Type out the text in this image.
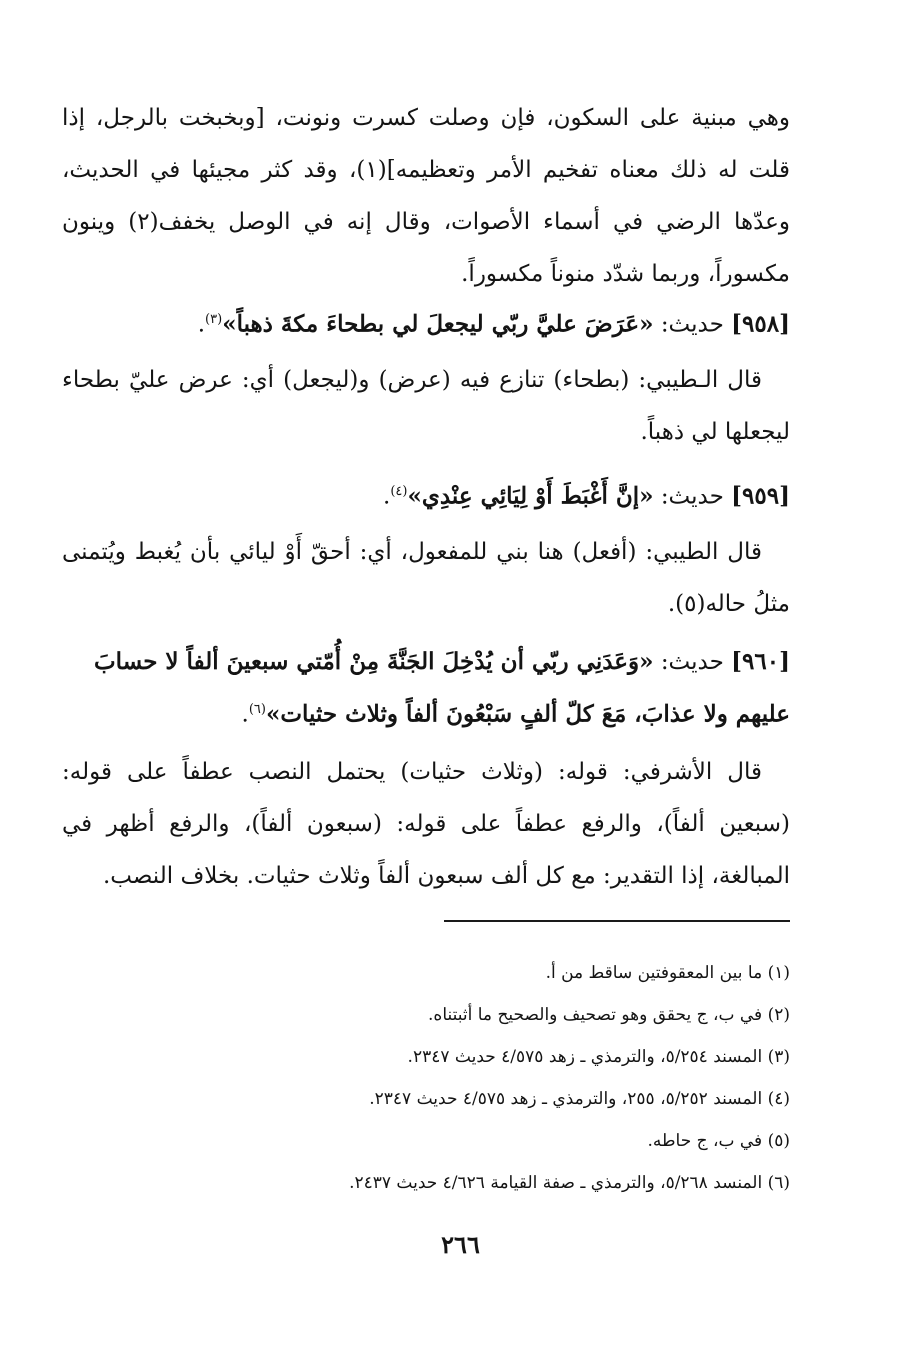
وهي مبنية على السكون، فإن وصلت كسرت ونونت، [وبخبخت بالرجل، إذا قلت له ذلك معناه تفخيم الأمر وتعظيمه](١)، وقد كثر مجيئها في الحديث، وعدّها الرضي في أسماء الأصوات، وقال إنه في الوصل يخفف(٢) وينون مكسوراً، وربما شدّد منوناً مكسوراً.

[٩٥٨] حديث: «عَرَضَ عليَّ ربّي ليجعلَ لي بطحاءَ مكةَ ذهباً»$^{(٣)}$.

قال الـطيبي: (بطحاء) تنازع فيه (عرض) و(ليجعل) أي: عرض عليّ بطحاء ليجعلها لي ذهباً.

[٩٥٩] حديث: «إنَّ أَغْبَطَ أَوْ لِيَائِي عِنْدِي»$^{(٤)}$.

قال الطيبي: (أفعل) هنا بني للمفعول، أي: أحقّ أَوْ ليائي بأن يُغبط ويُتمنى مثلُ حاله(٥).

[٩٦٠] حديث: «وَعَدَنِي ربّي أن يُدْخِلَ الجَنَّةَ مِنْ أُمّتي سبعينَ ألفاً لا حسابَ عليهم ولا عذابَ، مَعَ كلّ ألفٍ سَبْعُونَ ألفاً وثلاث حثيات»$^{(٦)}$.

قال الأشرفي: قوله: (وثلاث حثيات) يحتمل النصب عطفاً على قوله: (سبعين ألفاً)، والرفع عطفاً على قوله: (سبعون ألفاً)، والرفع أظهر في المبالغة، إذا التقدير: مع كل ألف سبعون ألفاً وثلاث حثيات. بخلاف النصب.

(١) ما بين المعقوفتين ساقط من أ.
(٢) في ب، ج يحقق وهو تصحيف والصحيح ما أثبتناه.
(٣) المسند ٥/٢٥٤، والترمذي ـ زهد ٤/٥٧٥ حديث ٢٣٤٧.
(٤) المسند ٥/٢٥٢، ٢٥٥، والترمذي ـ زهد ٤/٥٧٥ حديث ٢٣٤٧.
(٥) في ب، ج حاطه.
(٦) المنسد ٥/٢٦٨، والترمذي ـ صفة القيامة ٤/٦٢٦ حديث ٢٤٣٧.
٢٦٦
